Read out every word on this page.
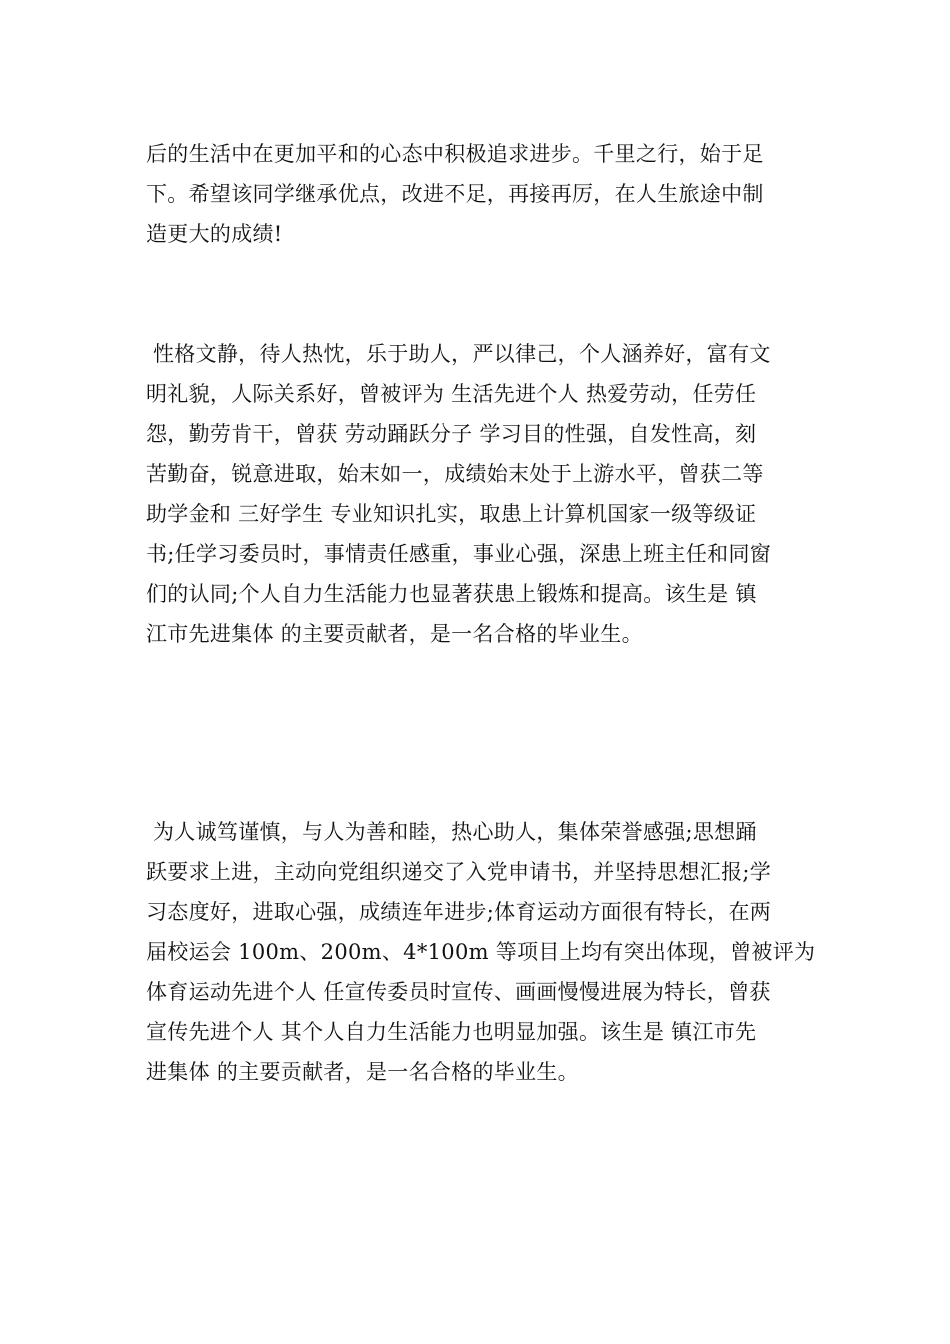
后的生活中在更加平和的心态中积极追求进步。千里之行，始于足
下。希望该同学继承优点，改进不足，再接再厉，在人生旅途中制
造更大的成绩!
性格文静，待人热忱，乐于助人，严以律己，个人涵养好，富有文
明礼貌，人际关系好，曾被评为 生活先进个人 热爱劳动，任劳任
怨，勤劳肯干，曾获 劳动踊跃分子 学习目的性强，自发性高，刻
苦勤奋，锐意进取，始末如一，成绩始末处于上游水平，曾获二等
助学金和 三好学生 专业知识扎实，取患上计算机国家一级等级证
书;任学习委员时，事情责任感重，事业心强，深患上班主任和同窗
们的认同;个人自力生活能力也显著获患上锻炼和提高。该生是 镇
江市先进集体 的主要贡献者，是一名合格的毕业生。
为人诚笃谨慎，与人为善和睦，热心助人，集体荣誉感强;思想踊
跃要求上进，主动向党组织递交了入党申请书，并坚持思想汇报;学
习态度好，进取心强，成绩连年进步;体育运动方面很有特长，在两
届校运会 100m、200m、4*100m 等项目上均有突出体现，曾被评为
体育运动先进个人 任宣传委员时宣传、画画慢慢进展为特长，曾获
宣传先进个人 其个人自力生活能力也明显加强。该生是 镇江市先
进集体 的主要贡献者，是一名合格的毕业生。
